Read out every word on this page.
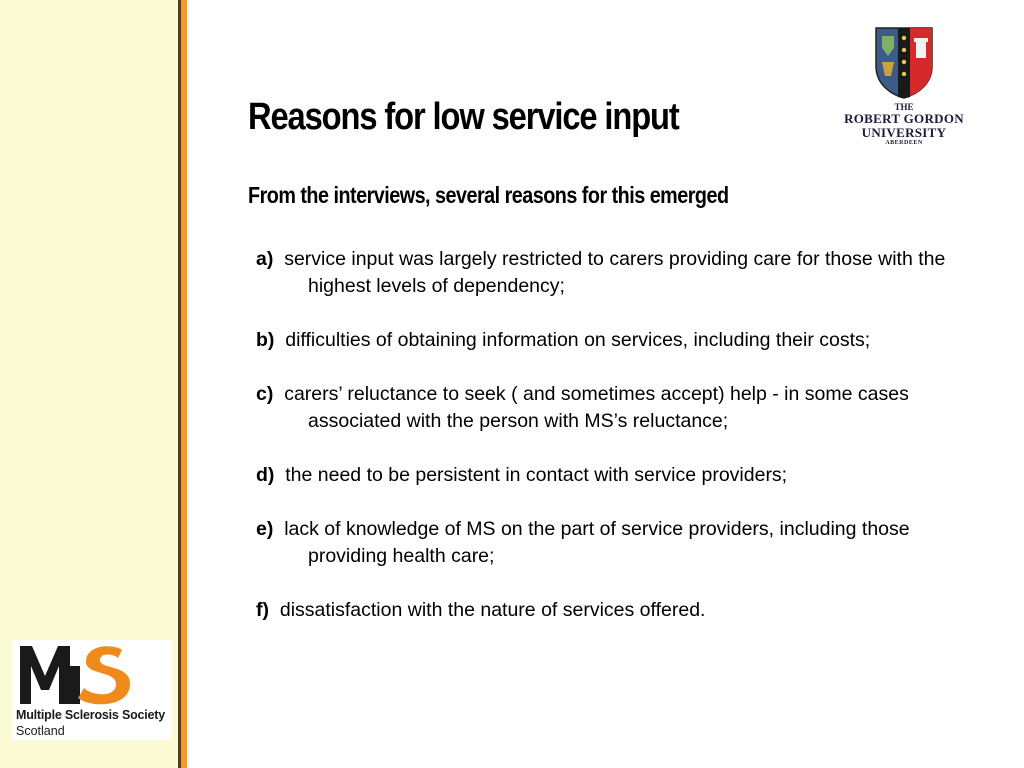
THE
ROBERT GORDON
UNIVERSITY
ABERDEEN
Reasons for low service input
From the interviews, several reasons for this emerged
a) service input was largely restricted to carers providing care for those with the highest levels of dependency;
b) difficulties of obtaining information on services, including their costs;
c) carers’ reluctance to seek ( and sometimes accept) help - in some cases associated with the person with MS’s reluctance;
d)  the need to be persistent in contact with service providers;
e) lack of knowledge of MS on the part of service providers, including those providing health care;
f)  dissatisfaction with the nature of services offered.
Multiple Sclerosis Society
Scotland
